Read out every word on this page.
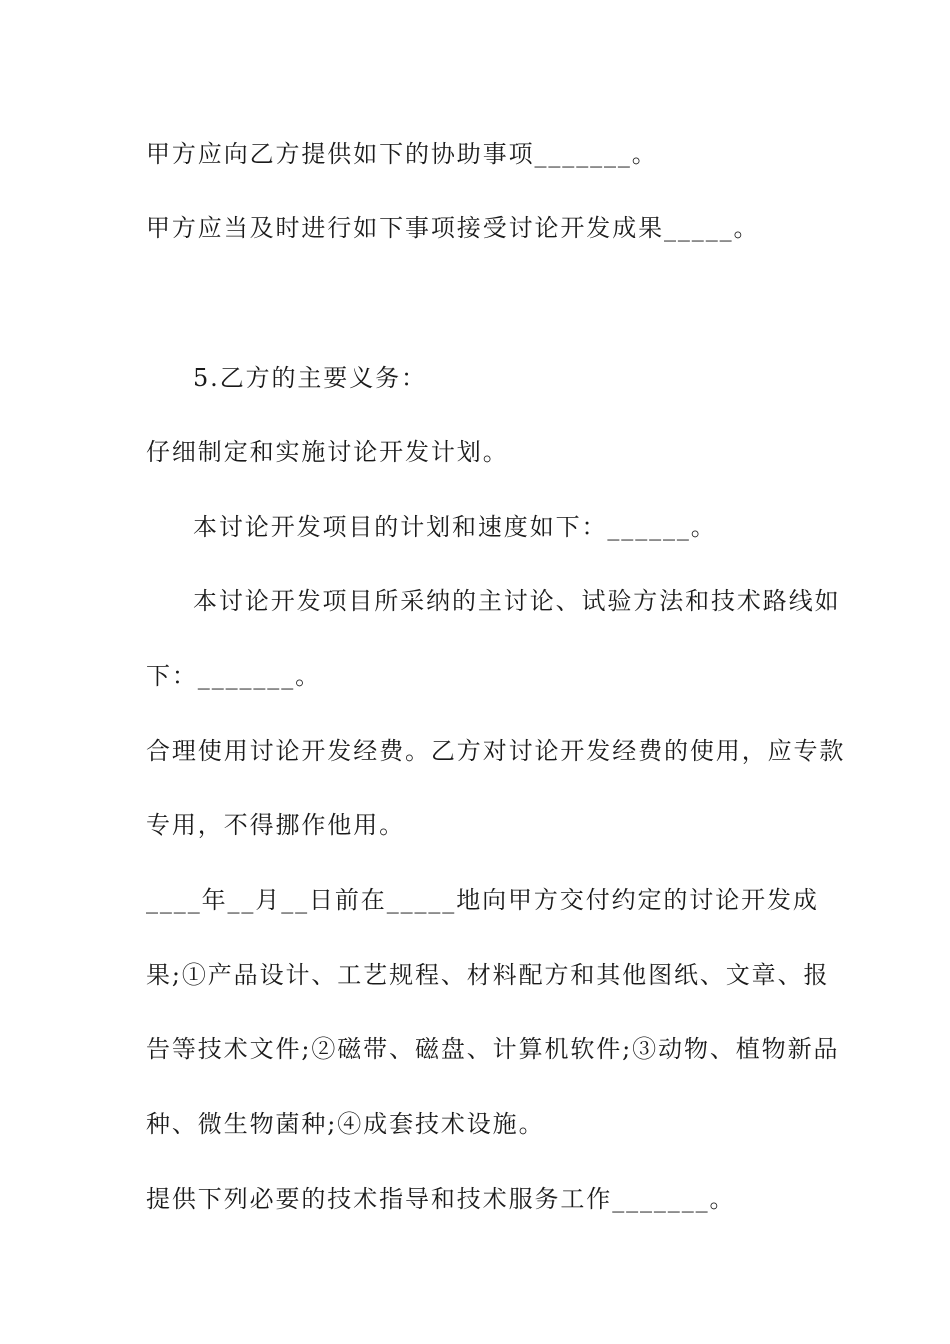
甲方应向乙方提供如下的协助事项_______。
甲方应当及时进行如下事项接受讨论开发成果_____。
5.乙方的主要义务：
仔细制定和实施讨论开发计划。
本讨论开发项目的计划和速度如下：______。
本讨论开发项目所采纳的主讨论、试验方法和技术路线如
下：_______。
合理使用讨论开发经费。乙方对讨论开发经费的使用，应专款
专用，不得挪作他用。
____年__月__日前在_____地向甲方交付约定的讨论开发成
果;①产品设计、工艺规程、材料配方和其他图纸、文章、报
告等技术文件;②磁带、磁盘、计算机软件;③动物、植物新品
种、微生物菌种;④成套技术设施。
提供下列必要的技术指导和技术服务工作_______。
